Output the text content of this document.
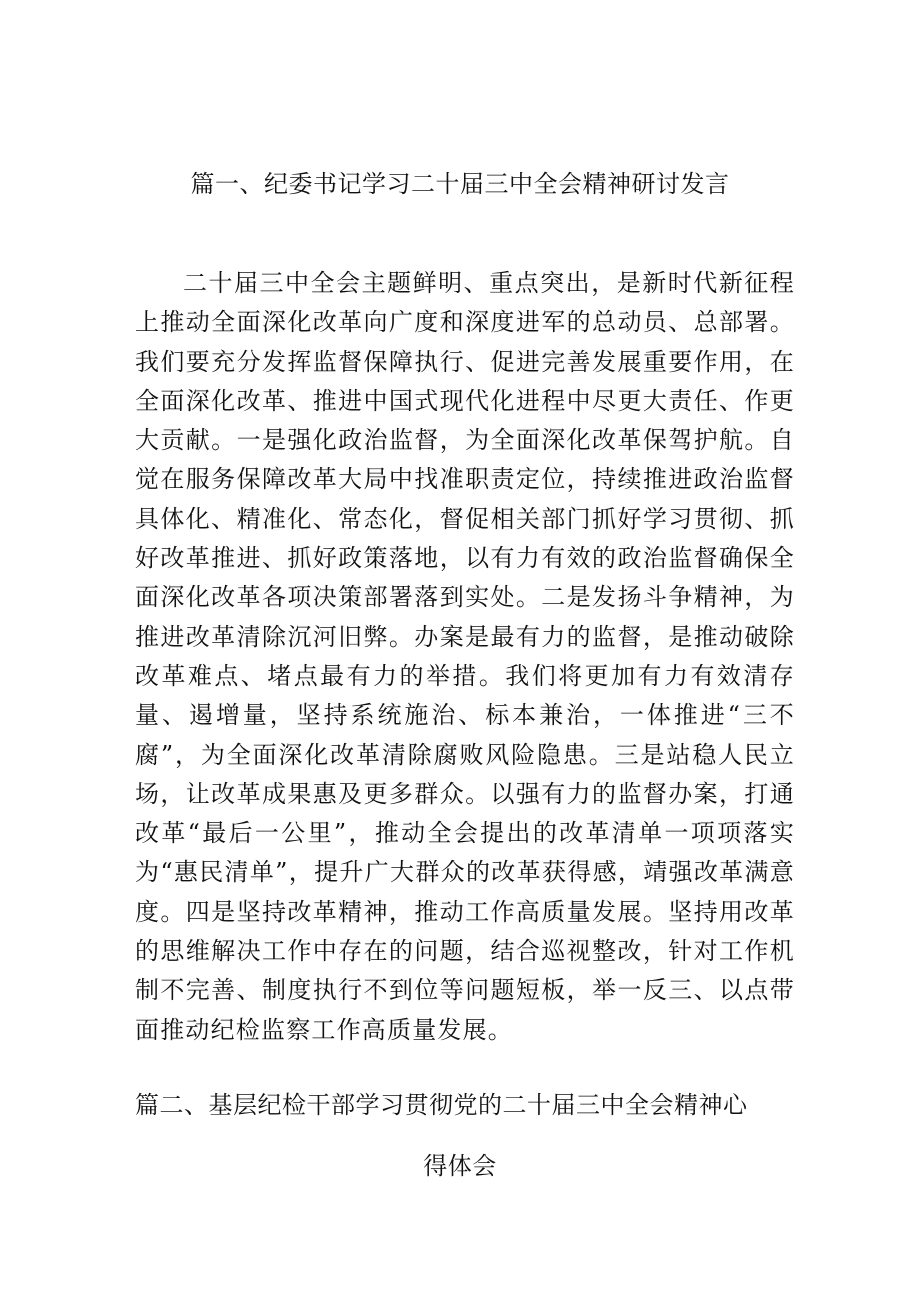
篇一、纪委书记学习二十届三中全会精神研讨发言

二十届三中全会主题鲜明、重点突出，是新时代新征程上推动全面深化改革向广度和深度进军的总动员、总部署。我们要充分发挥监督保障执行、促进完善发展重要作用，在全面深化改革、推进中国式现代化进程中尽更大责任、作更大贡献。一是强化政治监督，为全面深化改革保驾护航。自觉在服务保障改革大局中找准职责定位，持续推进政治监督具体化、精准化、常态化，督促相关部门抓好学习贯彻、抓好改革推进、抓好政策落地，以有力有效的政治监督确保全面深化改革各项决策部署落到实处。二是发扬斗争精神，为推进改革清除沉河旧弊。办案是最有力的监督，是推动破除改革难点、堵点最有力的举措。我们将更加有力有效清存量、遏增量，坚持系统施治、标本兼治，一体推进“三不腐”，为全面深化改革清除腐败风险隐患。三是站稳人民立场，让改革成果惠及更多群众。以强有力的监督办案，打通改革“最后一公里”，推动全会提出的改革清单一项项落实为“惠民清单”，提升广大群众的改革获得感，靖强改革满意度。四是坚持改革精神，推动工作高质量发展。坚持用改革的思维解决工作中存在的问题，结合巡视整改，针对工作机制不完善、制度执行不到位等问题短板，举一反三、以点带面推动纪检监察工作高质量发展。

篇二、基层纪检干部学习贯彻党的二十届三中全会精神心
得体会
